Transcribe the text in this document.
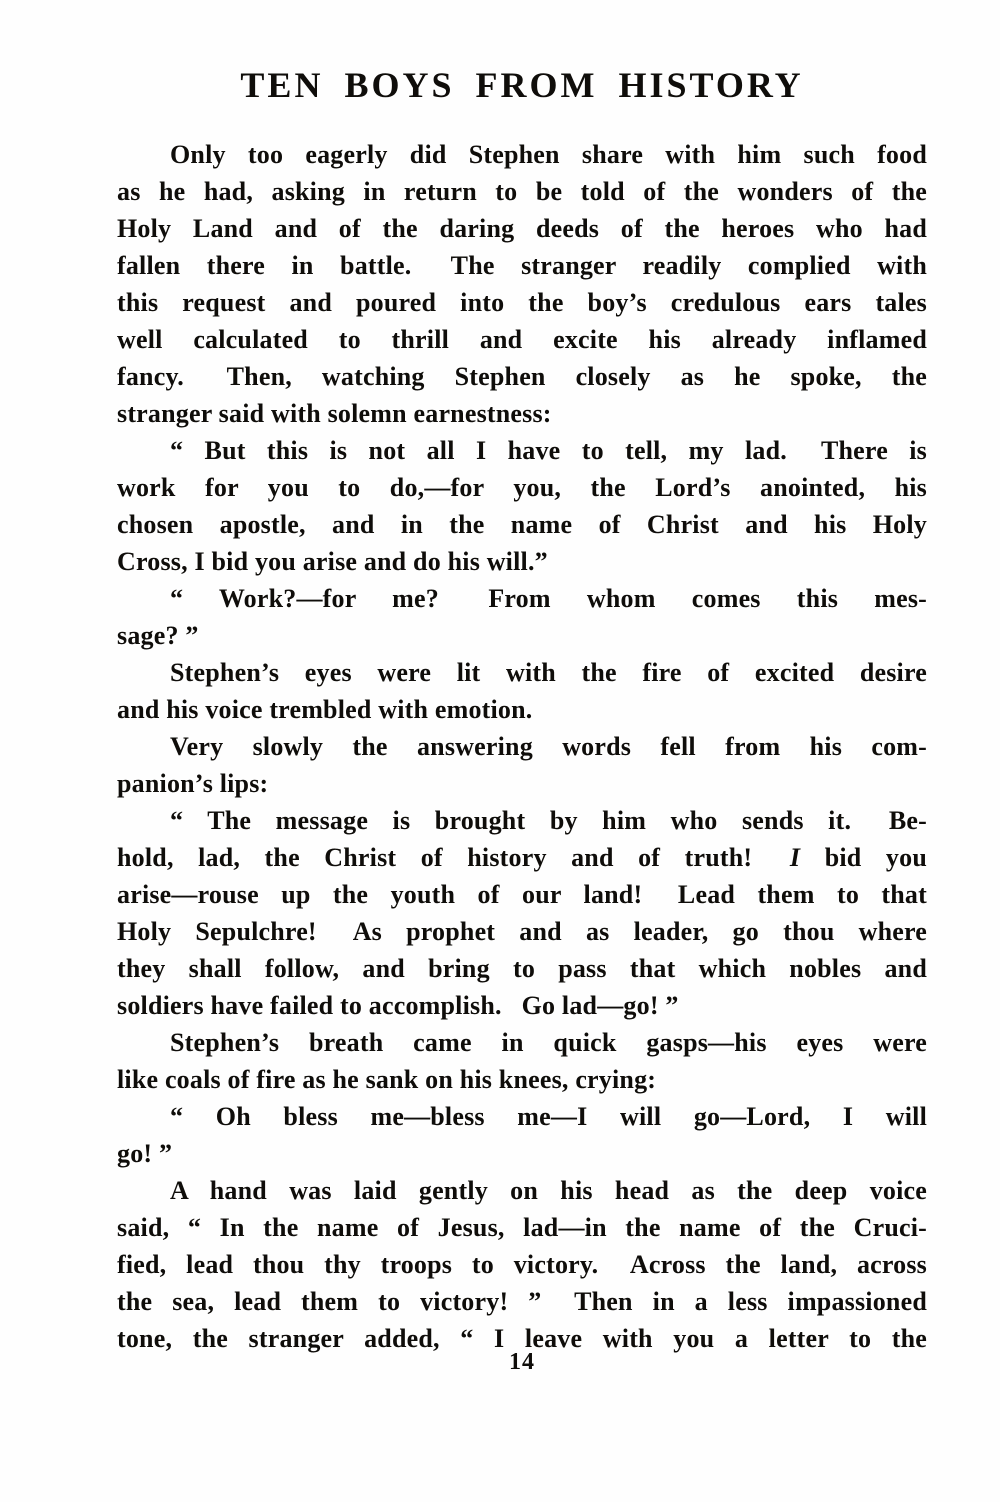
TEN BOYS FROM HISTORY
Only too eagerly did Stephen share with him such food
as he had, asking in return to be told of the wonders of the
Holy Land and of the daring deeds of the heroes who had
fallen there in battle.  The stranger readily complied with
this request and poured into the boy’s credulous ears tales
well calculated to thrill and excite his already inflamed
fancy.  Then, watching Stephen closely as he spoke, the
stranger said with solemn earnestness:
“ But this is not all I have to tell, my lad.  There is
work for you to do,—for you, the Lord’s anointed, his
chosen apostle, and in the name of Christ and his Holy
Cross, I bid you arise and do his will.”
“ Work?—for me?  From whom comes this mes-
sage? ”
Stephen’s eyes were lit with the fire of excited desire
and his voice trembled with emotion.
Very slowly the answering words fell from his com-
panion’s lips:
“ The message is brought by him who sends it.  Be-
hold, lad, the Christ of history and of truth!  I bid you
arise—rouse up the youth of our land!  Lead them to that
Holy Sepulchre!  As prophet and as leader, go thou where
they shall follow, and bring to pass that which nobles and
soldiers have failed to accomplish.  Go lad—go! ”
Stephen’s breath came in quick gasps—his eyes were
like coals of fire as he sank on his knees, crying:
“ Oh bless me—bless me—I will go—Lord, I will
go! ”
A hand was laid gently on his head as the deep voice
said, “ In the name of Jesus, lad—in the name of the Cruci-
fied, lead thou thy troops to victory.  Across the land, across
the sea, lead them to victory! ”  Then in a less impassioned
tone, the stranger added, “ I leave with you a letter to the
14
